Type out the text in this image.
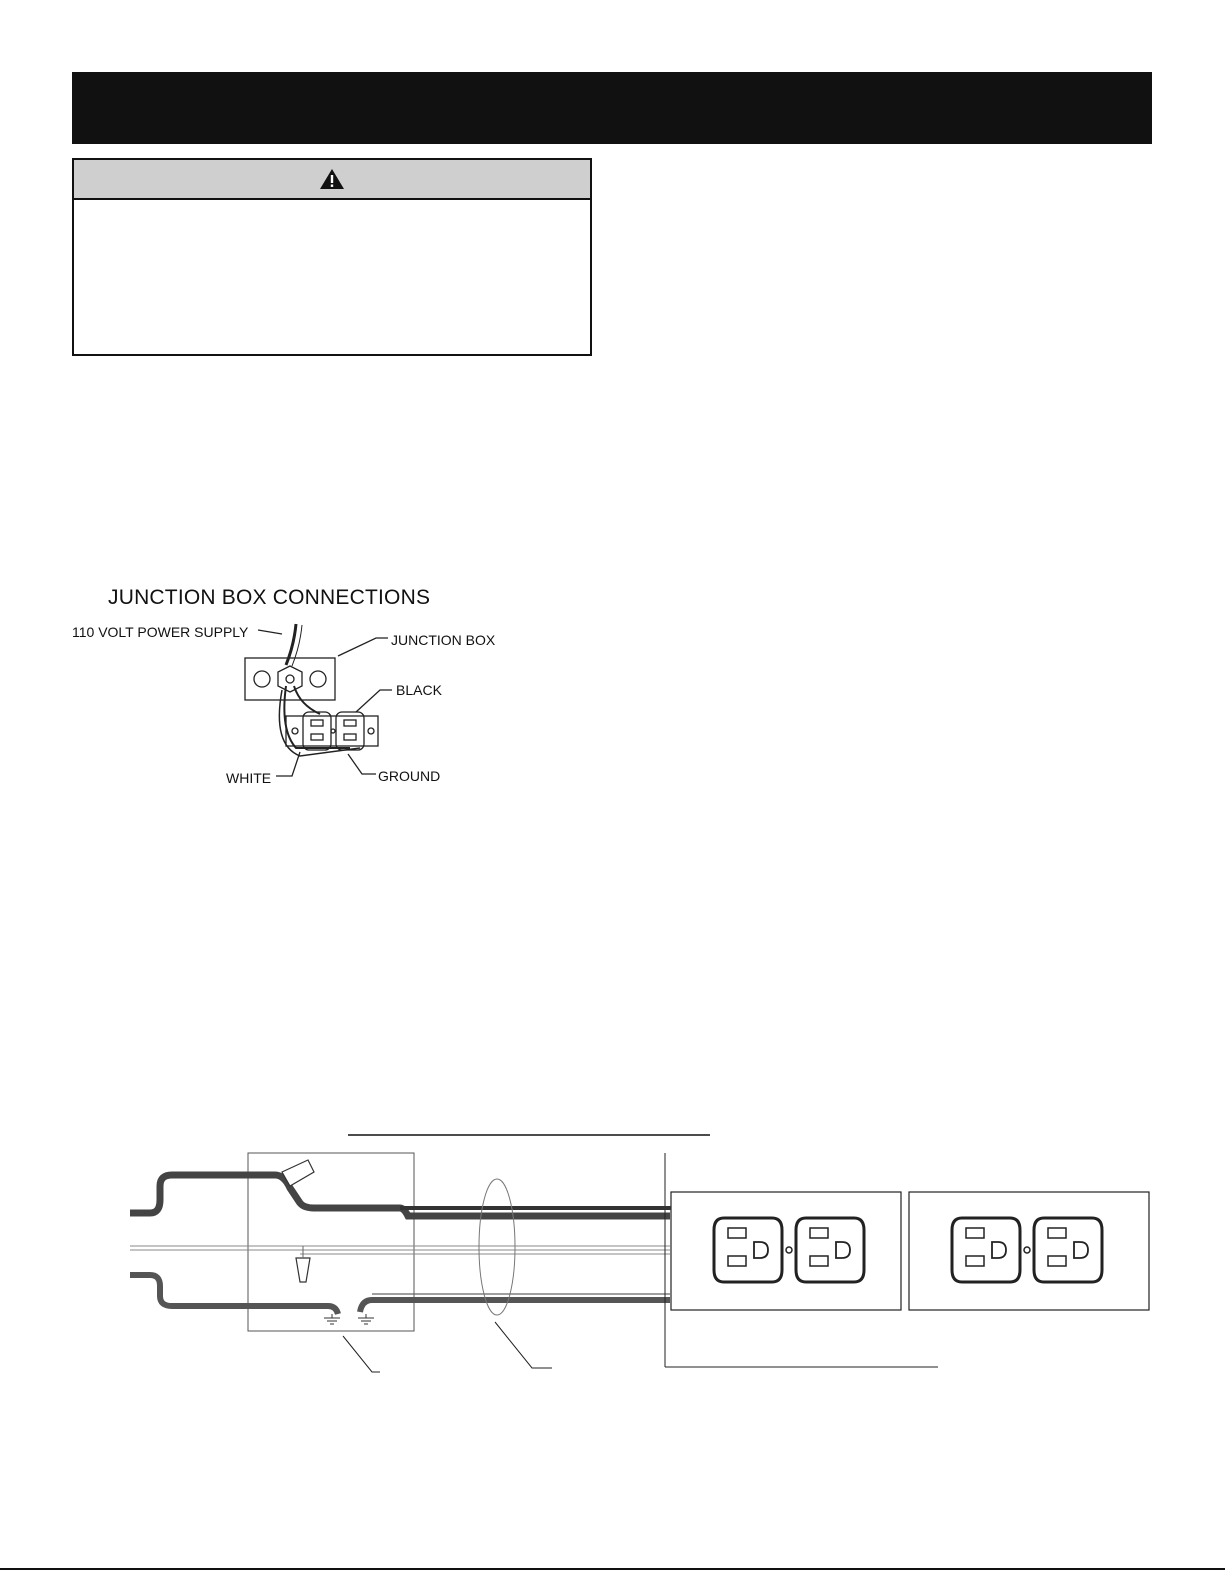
JUNCTION BOX CONNECTIONS
110 VOLT POWER SUPPLY	JUNCTION BOX
BLACK
WHITE	GROUND
